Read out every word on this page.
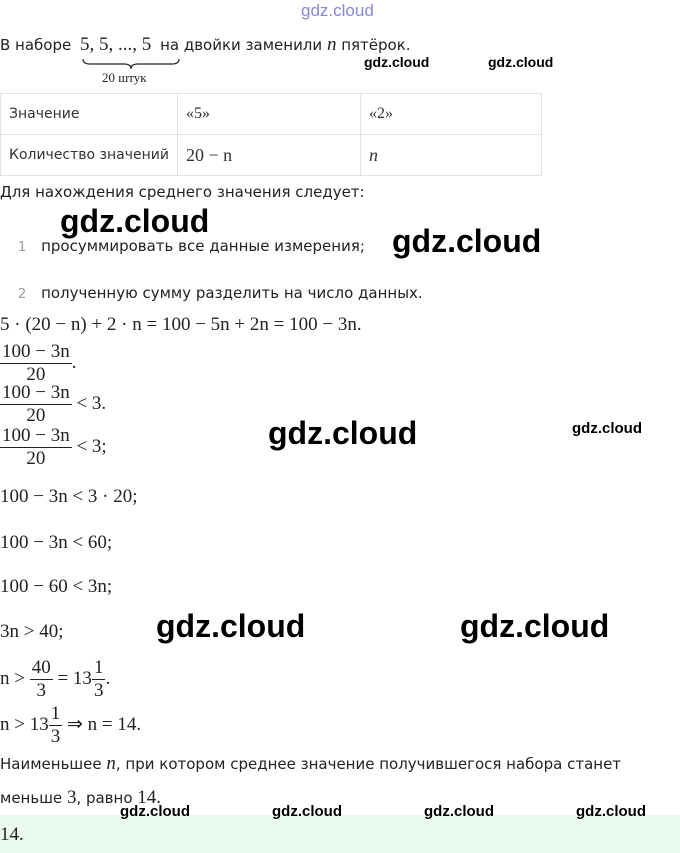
gdz.cloud
В наборе 5, 5, ..., 5 на двойки заменили n пятёрок.
20 штук
gdz.cloud	gdz.cloud
Значение	«5»	«2»
Количество значений	20 − n	n
Для нахождения среднего значения следует:
gdz.cloud
1 просуммировать все данные измерения; gdz.cloud
2 полученную сумму разделить на число данных.
5 · (20 − n) + 2 · n = 100 − 5n + 2n = 100 − 3n.
$\frac{100 - 3n}{20}$ .
$\frac{100 - 3n}{20} < 3$.
$\frac{100 - 3n}{20} < 3$;	gdz.cloud	gdz.cloud
100 − 3n < 3 · 20;
100 − 3n < 60;
100 − 60 < 3n;
3n > 40;	gdz.cloud	gdz.cloud
$n > \frac{40}{3} = 13 \frac{1}{3}$ .
$n > 13 \frac{1}{3}$ ⇒ n = 14.
Наименьшее n, при котором среднее значение получившегося набора станет
меньше 3, равно 14.
14.
gdz.cloud	gdz.cloud	gdz.cloud	gdz.cloud
